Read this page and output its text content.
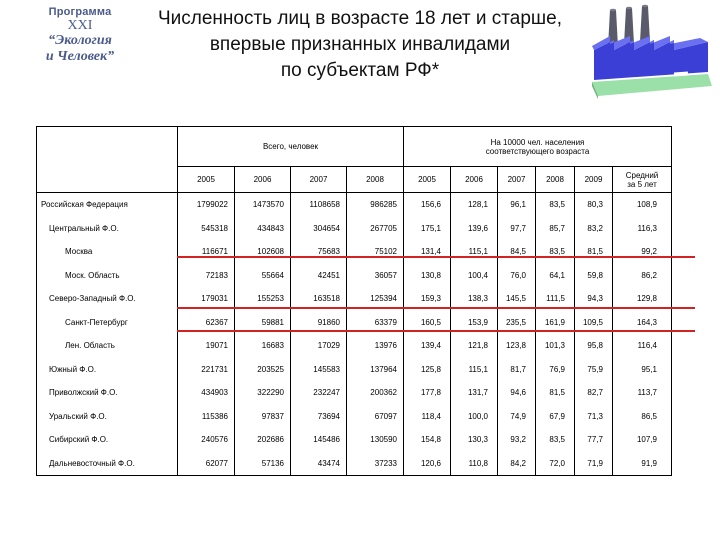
Программа
XXI
“Экология
и Человек”
Численность лиц в возрасте 18 лет и старше,
впервые признанных инвалидами
по субъектам РФ*
	Всего, человек				На 10000 чел. населения
соответствующего возраста					

	2005	2006	2007	2008	2005	2006	2007	2008	2009	Средний
за 5 лет

Российская Федерация	1799022	1473570	1108658	986285	156,6	128,1	96,1	83,5	80,3	108,9
Центральный Ф.О.	545318	434843	304654	267705	175,1	139,6	97,7	85,7	83,2	116,3
Москва	116671	102608	75683	75102	131,4	115,1	84,5	83,5	81,5	99,2
Моск. Область	72183	55664	42451	36057	130,8	100,4	76,0	64,1	59,8	86,2
Северо-Западный Ф.О.	179031	155253	163518	125394	159,3	138,3	145,5	111,5	94,3	129,8
Санкт-Петербург	62367	59881	91860	63379	160,5	153,9	235,5	161,9	109,5	164,3
Лен. Область	19071	16683	17029	13976	139,4	121,8	123,8	101,3	95,8	116,4
Южный Ф.О.	221731	203525	145583	137964	125,8	115,1	81,7	76,9	75,9	95,1
Приволжский Ф.О.	434903	322290	232247	200362	177,8	131,7	94,6	81,5	82,7	113,7
Уральский Ф.О.	115386	97837	73694	67097	118,4	100,0	74,9	67,9	71,3	86,5
Сибирский Ф.О.	240576	202686	145486	130590	154,8	130,3	93,2	83,5	77,7	107,9
Дальневосточный Ф.О.	62077	57136	43474	37233	120,6	110,8	84,2	72,0	71,9	91,9
